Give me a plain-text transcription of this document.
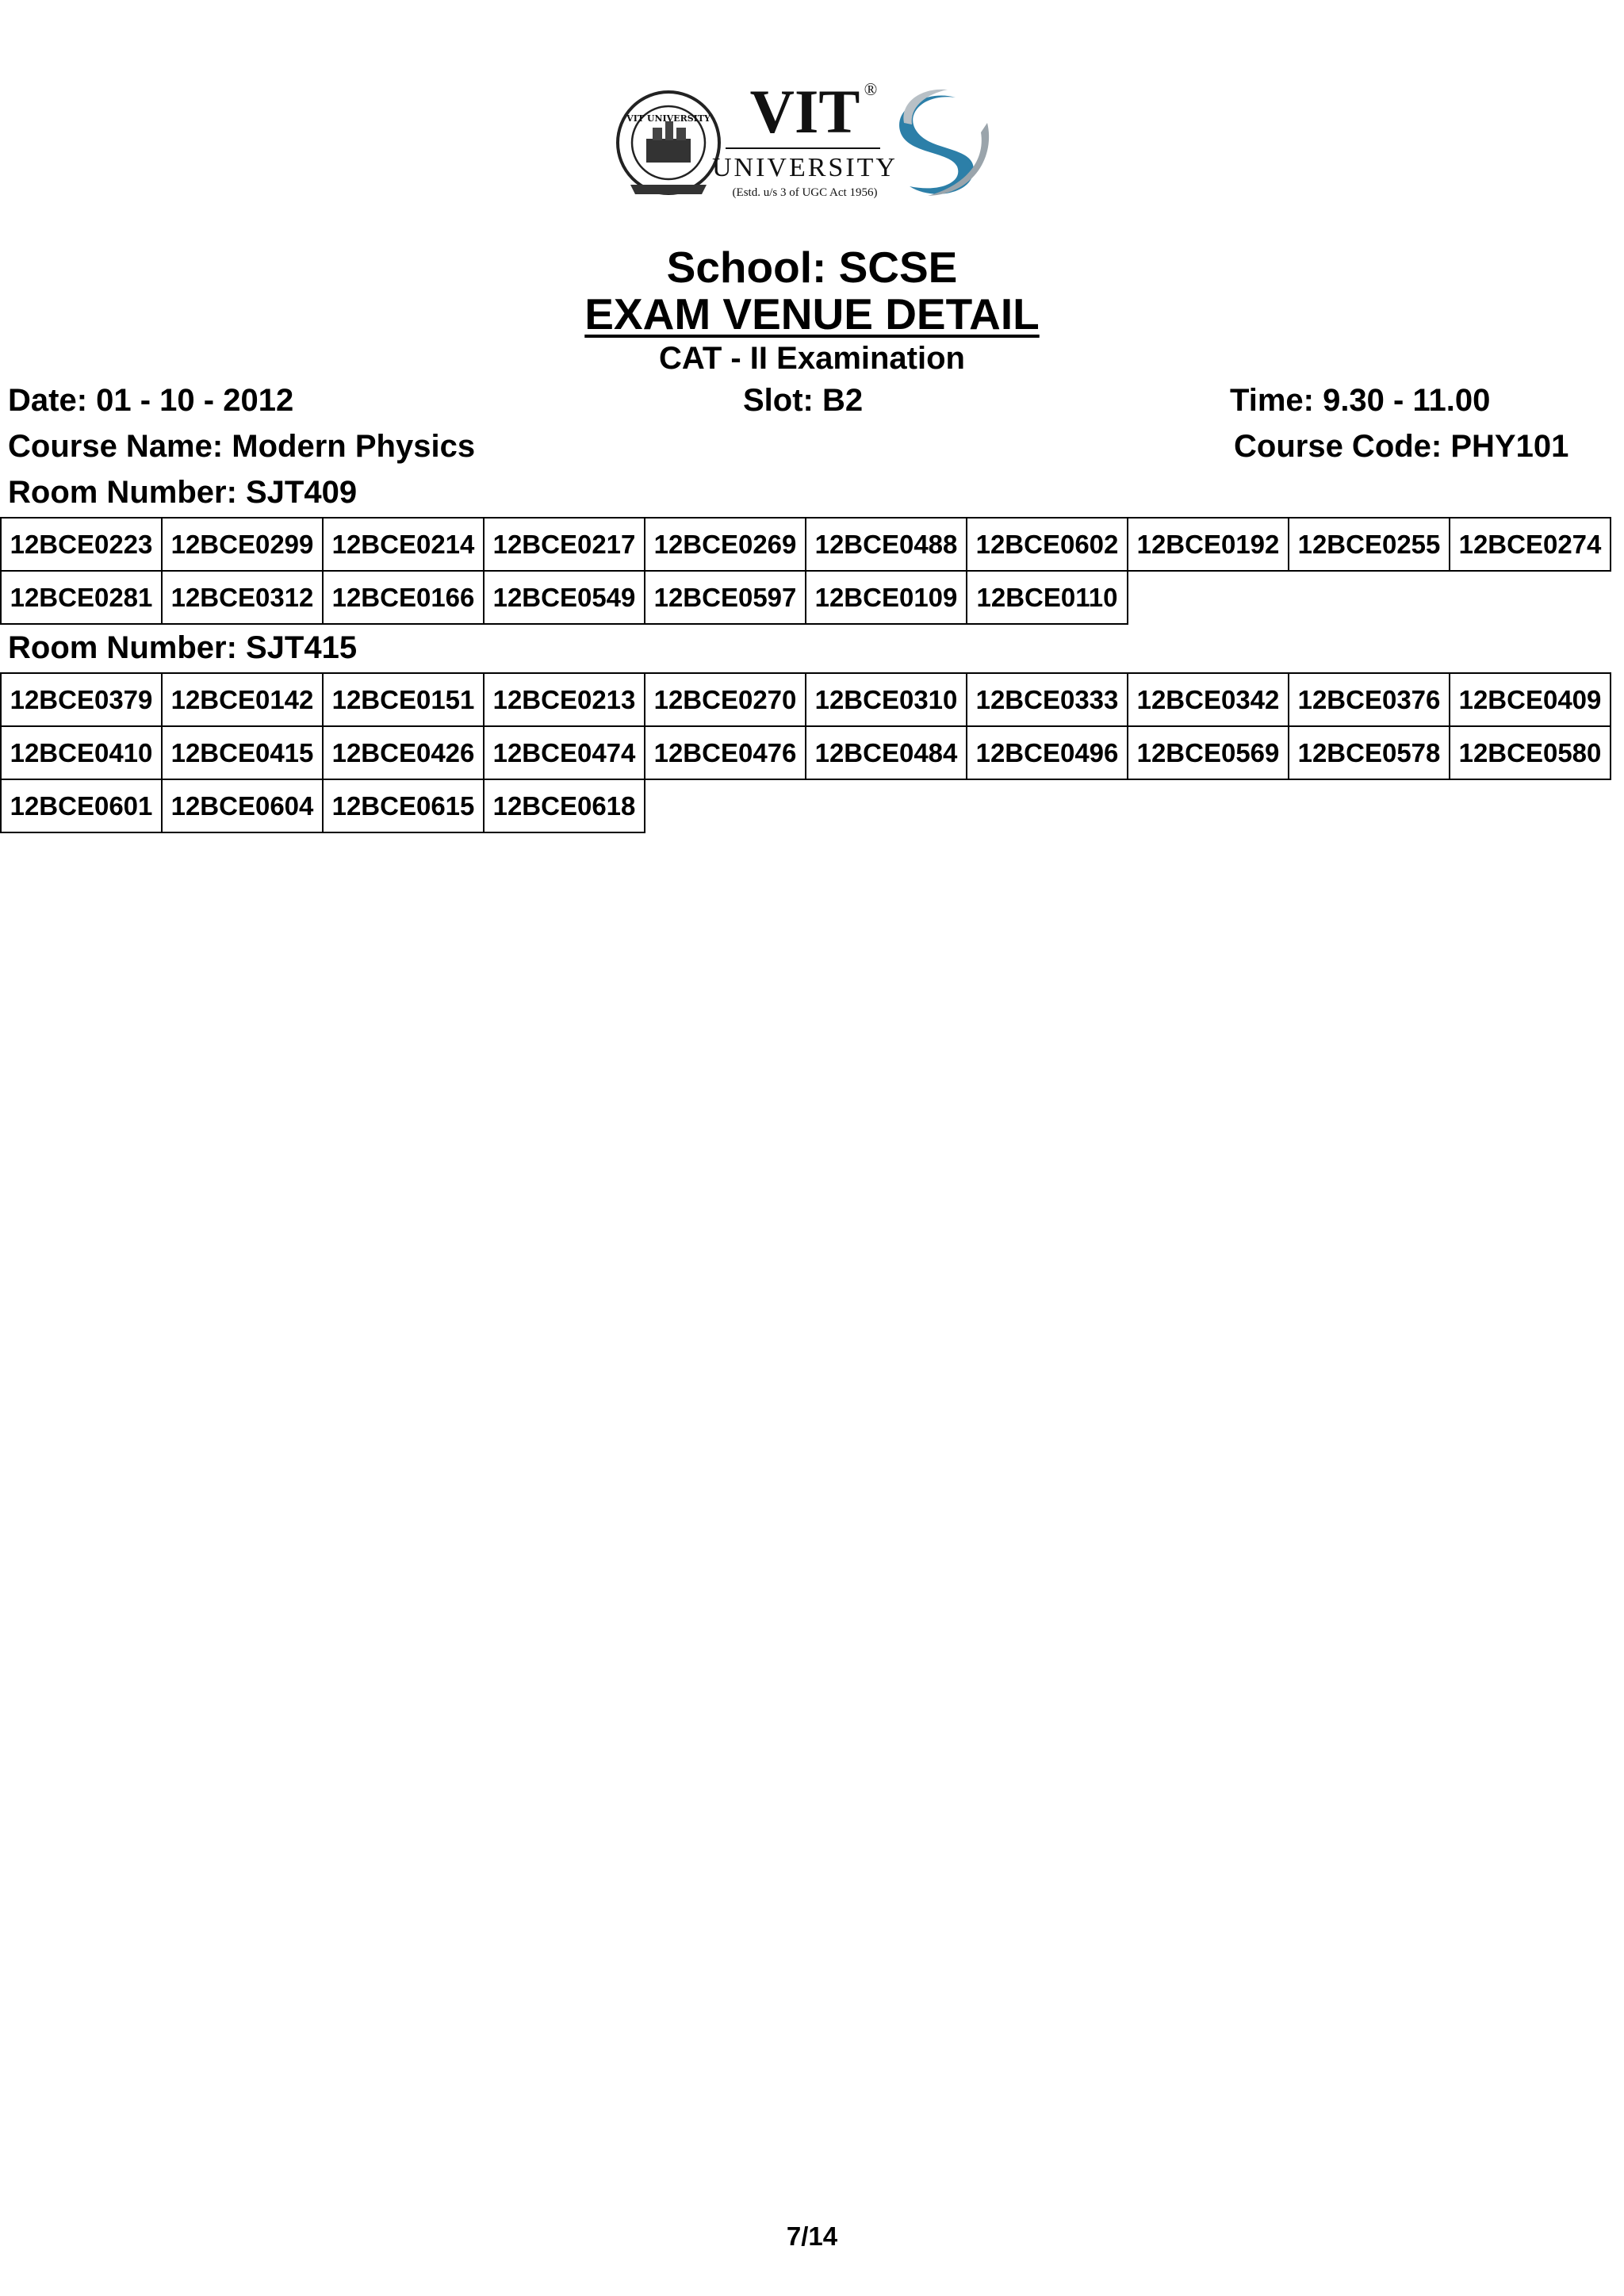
VIT UNIVERSITY VIT ®
UNIVERSITY
(Estd. u/s 3 of UGC Act 1956)
School: SCSE
EXAM VENUE DETAIL
CAT - II Examination
Date: 01 - 10 - 2012	Slot: B2	Time: 9.30 - 11.00
Course Name: Modern Physics	Course Code: PHY101
Room Number: SJT409
12BCE0223	12BCE0299	12BCE0214	12BCE0217	12BCE0269	12BCE0488	12BCE0602	12BCE0192	12BCE0255	12BCE0274
12BCE0281	12BCE0312	12BCE0166	12BCE0549	12BCE0597	12BCE0109	12BCE0110			
Room Number: SJT415
12BCE0379	12BCE0142	12BCE0151	12BCE0213	12BCE0270	12BCE0310	12BCE0333	12BCE0342	12BCE0376	12BCE0409
12BCE0410	12BCE0415	12BCE0426	12BCE0474	12BCE0476	12BCE0484	12BCE0496	12BCE0569	12BCE0578	12BCE0580
12BCE0601	12BCE0604	12BCE0615	12BCE0618						
7/14
